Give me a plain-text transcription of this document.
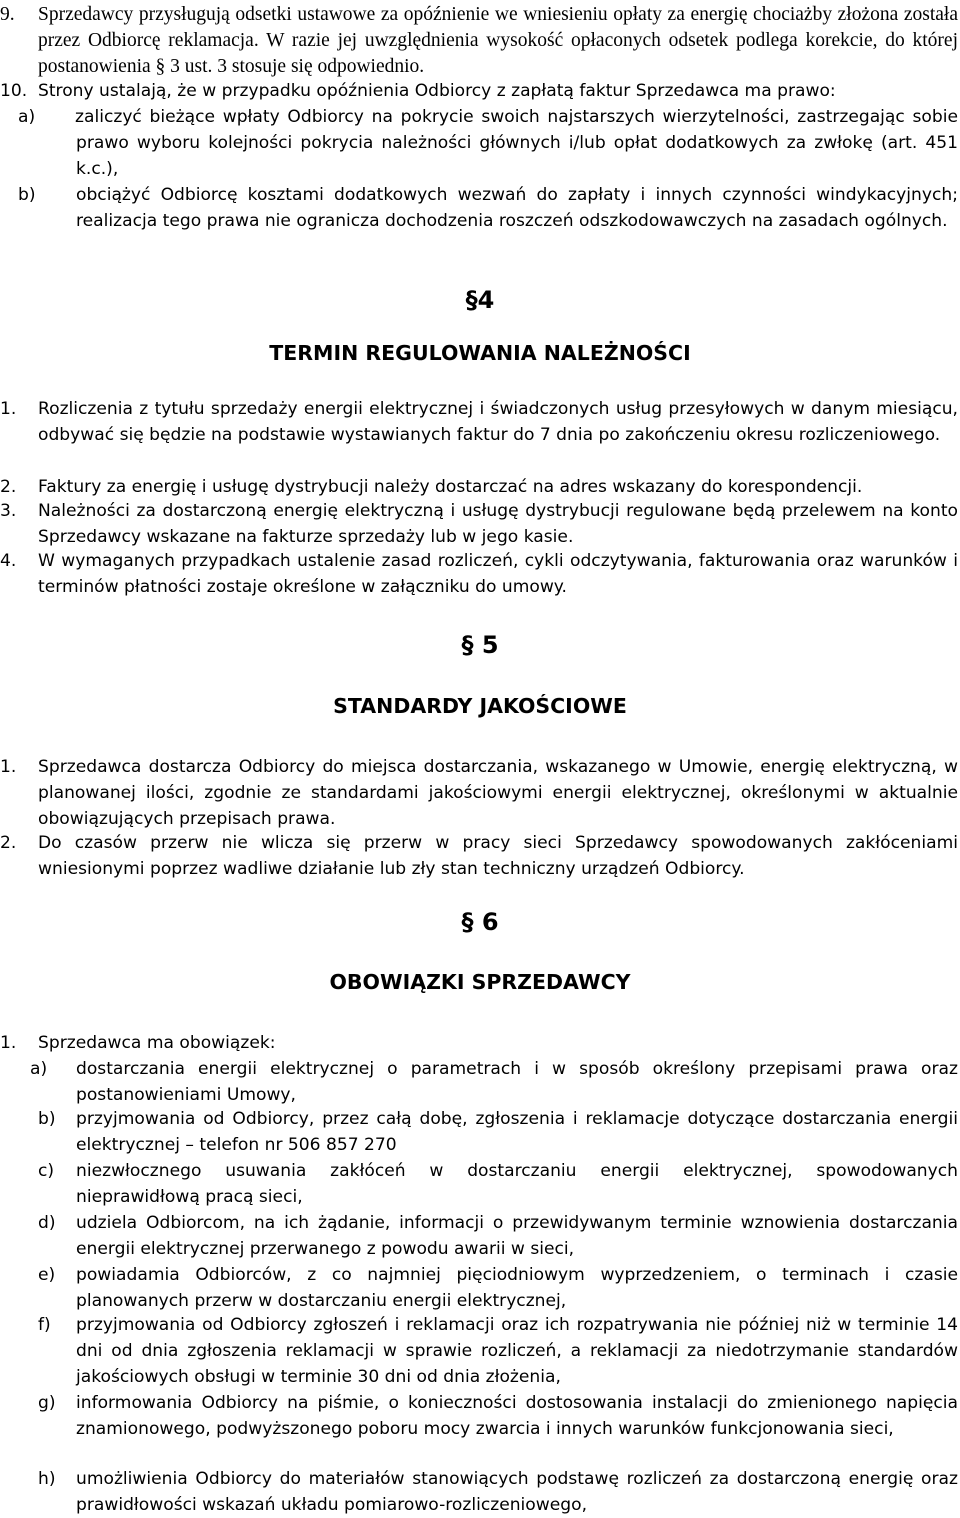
9. Sprzedawcy przysługują odsetki ustawowe za opóźnienie we wniesieniu opłaty za energię chociażby złożona została przez Odbiorcę reklamacja. W razie jej uwzględnienia wysokość opłaconych odsetek podlega korekcie, do której postanowienia § 3 ust. 3 stosuje się odpowiednio.

10. Strony ustalają, że w przypadku opóźnienia Odbiorcy z zapłatą faktur Sprzedawca ma prawo:

a) zaliczyć bieżące wpłaty Odbiorcy na pokrycie swoich najstarszych wierzytelności, zastrzegając sobie prawo wyboru kolejności pokrycia należności głównych i/lub opłat dodatkowych za zwłokę (art. 451 k.c.),

b) obciążyć Odbiorcę kosztami dodatkowych wezwań do zapłaty i innych czynności windykacyjnych; realizacja tego prawa nie ogranicza dochodzenia roszczeń odszkodowawczych na zasadach ogólnych.

§4

TERMIN REGULOWANIA NALEŻNOŚCI

1. Rozliczenia z tytułu sprzedaży energii elektrycznej i świadczonych usług przesyłowych w danym miesiącu, odbywać się będzie na podstawie wystawianych faktur do 7 dnia po zakończeniu okresu rozliczeniowego.

2. Faktury za energię i usługę dystrybucji należy dostarczać na adres wskazany do korespondencji.

3. Należności za dostarczoną energię elektryczną i usługę dystrybucji regulowane będą przelewem na konto Sprzedawcy wskazane na fakturze sprzedaży lub w jego kasie.

4. W wymaganych przypadkach ustalenie zasad rozliczeń, cykli odczytywania, fakturowania oraz warunków i terminów płatności zostaje określone w załączniku do umowy.

§ 5

STANDARDY JAKOŚCIOWE

1. Sprzedawca dostarcza Odbiorcy do miejsca dostarczania, wskazanego w Umowie, energię elektryczną, w planowanej ilości, zgodnie ze standardami jakościowymi energii elektrycznej, określonymi w aktualnie obowiązujących przepisach prawa.

2. Do czasów przerw nie wlicza się przerw w pracy sieci Sprzedawcy spowodowanych zakłóceniami wniesionymi poprzez wadliwe działanie lub zły stan techniczny urządzeń Odbiorcy.

§ 6

OBOWIĄZKI SPRZEDAWCY

1. Sprzedawca ma obowiązek:

a) dostarczania energii elektrycznej o parametrach i w sposób określony przepisami prawa oraz postanowieniami Umowy,

b) przyjmowania od Odbiorcy, przez całą dobę, zgłoszenia i reklamacje dotyczące dostarczania energii elektrycznej – telefon nr 506 857 270

c) niezwłocznego usuwania zakłóceń w dostarczaniu energii elektrycznej, spowodowanych nieprawidłową pracą sieci,

d) udziela Odbiorcom, na ich żądanie, informacji o przewidywanym terminie wznowienia dostarczania energii elektrycznej przerwanego z powodu awarii w sieci,

e) powiadamia Odbiorców, z co najmniej pięciodniowym wyprzedzeniem, o terminach i czasie planowanych przerw w dostarczaniu energii elektrycznej,

f) przyjmowania od Odbiorcy zgłoszeń i reklamacji oraz ich rozpatrywania nie później niż w terminie 14 dni od dnia zgłoszenia reklamacji w sprawie rozliczeń, a reklamacji za niedotrzymanie standardów jakościowych obsługi w terminie 30 dni od dnia złożenia,

g) informowania Odbiorcy na piśmie, o konieczności dostosowania instalacji do zmienionego napięcia znamionowego, podwyższonego poboru mocy zwarcia i innych warunków funkcjonowania sieci,

h) umożliwienia Odbiorcy do materiałów stanowiących podstawę rozliczeń za dostarczoną energię oraz prawidłowości wskazań układu pomiarowo-rozliczeniowego,
